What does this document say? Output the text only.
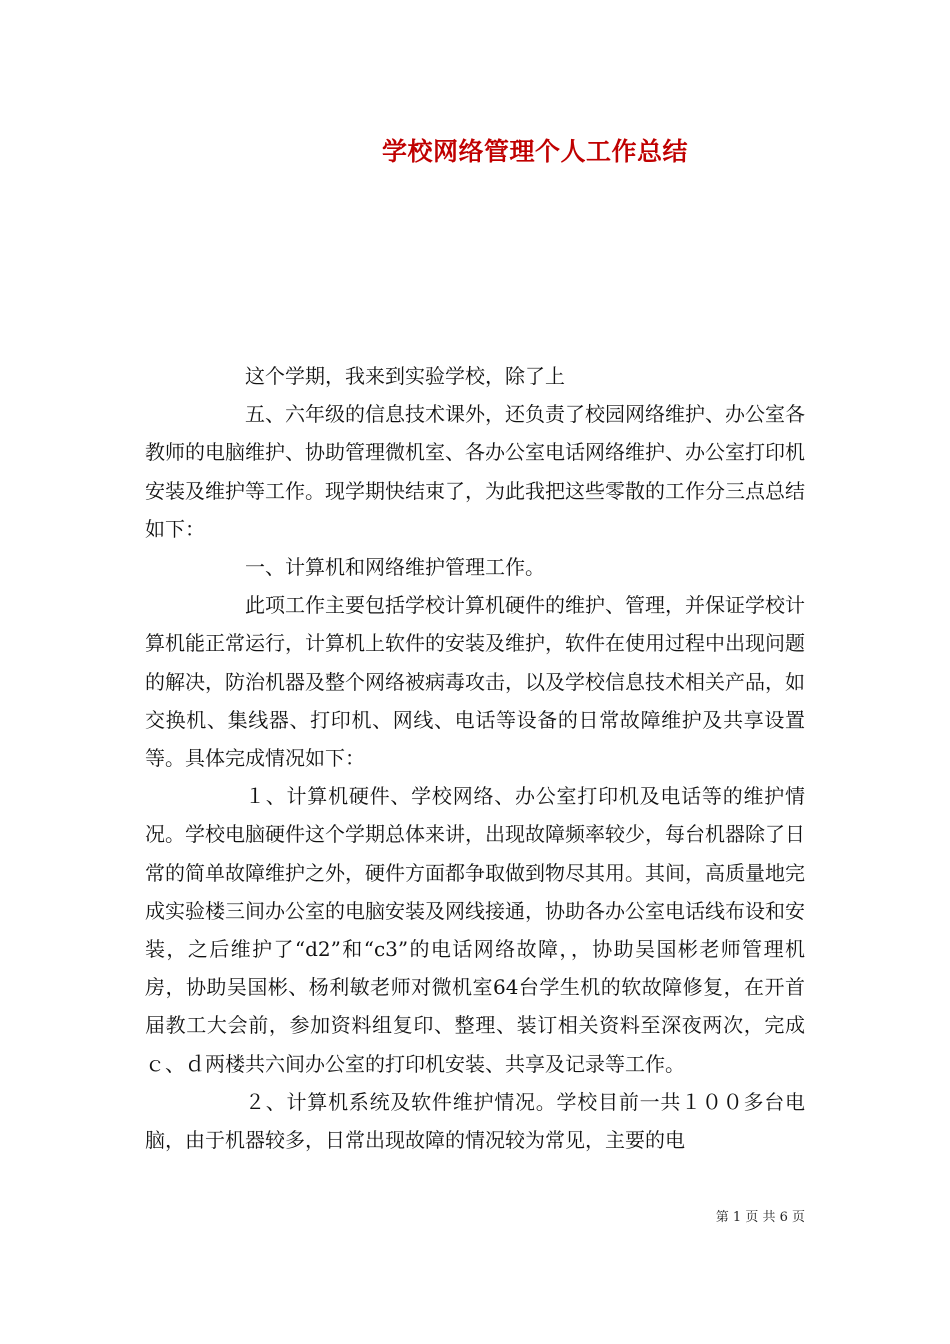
学校网络管理个人工作总结

这个学期，我来到实验学校，除了上

五、六年级的信息技术课外，还负责了校园网络维护、办公室各教师的电脑维护、协助管理微机室、各办公室电话网络维护、办公室打印机安装及维护等工作。现学期快结束了，为此我把这些零散的工作分三点总结如下：

一、计算机和网络维护管理工作。

此项工作主要包括学校计算机硬件的维护、管理，并保证学校计算机能正常运行，计算机上软件的安装及维护，软件在使用过程中出现问题的解决，防治机器及整个网络被病毒攻击，以及学校信息技术相关产品，如交换机、集线器、打印机、网线、电话等设备的日常故障维护及共享设置等。具体完成情况如下：

１、计算机硬件、学校网络、办公室打印机及电话等的维护情况。学校电脑硬件这个学期总体来讲，出现故障频率较少，每台机器除了日常的简单故障维护之外，硬件方面都争取做到物尽其用。其间，高质量地完成实验楼三间办公室的电脑安装及网线接通，协助各办公室电话线布设和安装，之后维护了“d2”和“c3”的电话网络故障，，协助吴国彬老师管理机房，协助吴国彬、杨利敏老师对微机室64台学生机的软故障修复，在开首届教工大会前，参加资料组复印、整理、装订相关资料至深夜两次，完成ｃ、ｄ两楼共六间办公室的打印机安装、共享及记录等工作。

２、计算机系统及软件维护情况。学校目前一共１００多台电脑，由于机器较多，日常出现故障的情况较为常见，主要的电

第 1 页 共 6 页
